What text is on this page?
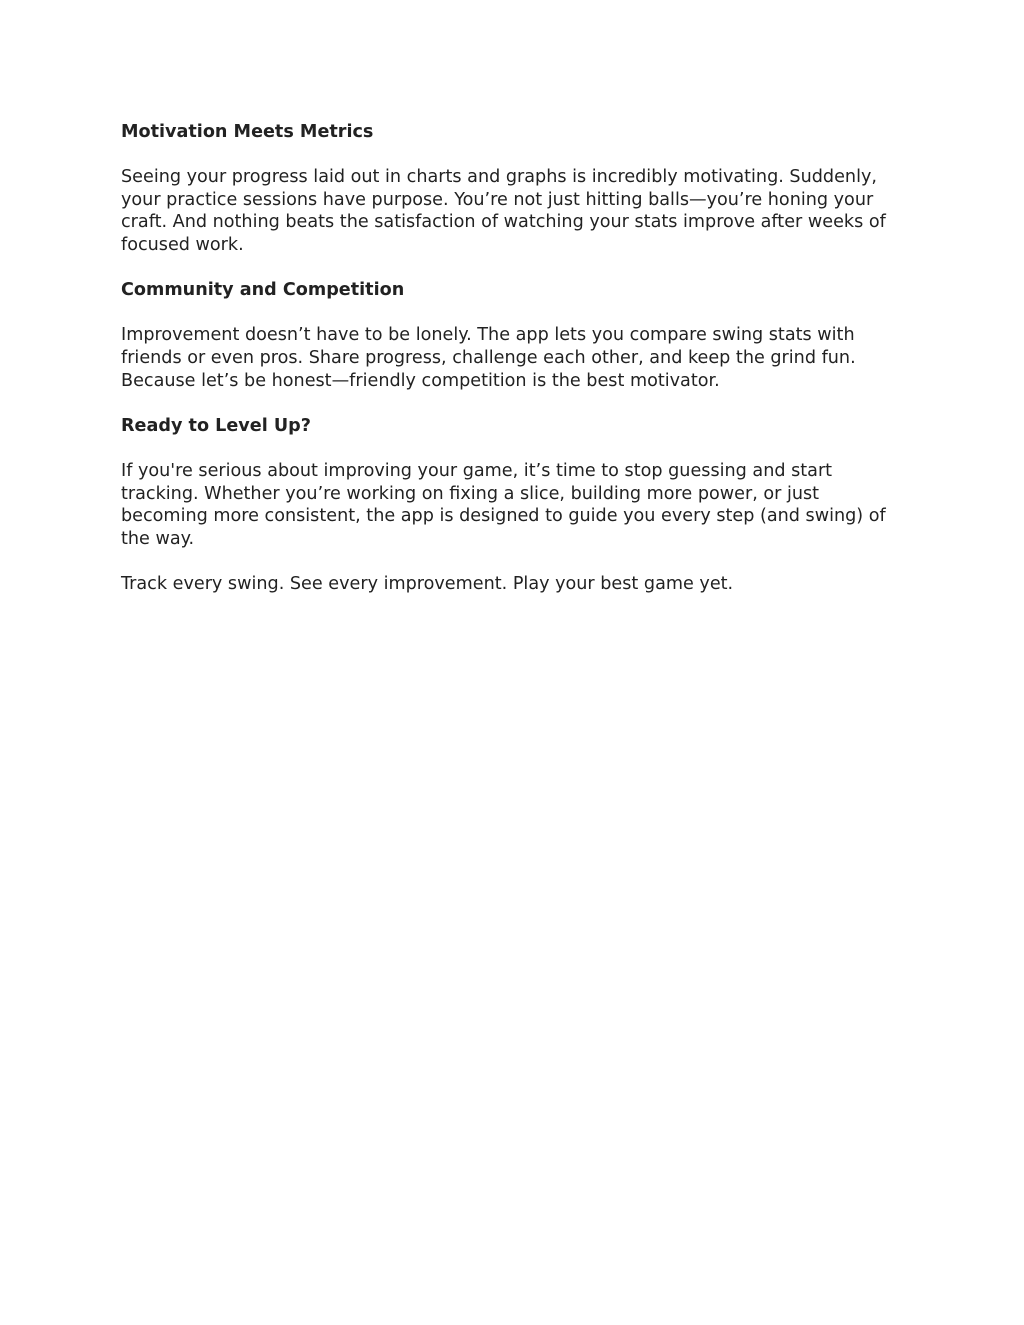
Motivation Meets Metrics

Seeing your progress laid out in charts and graphs is incredibly motivating. Suddenly, your practice sessions have purpose. You’re not just hitting balls—you’re honing your craft. And nothing beats the satisfaction of watching your stats improve after weeks of focused work.

Community and Competition

Improvement doesn’t have to be lonely. The app lets you compare swing stats with friends or even pros. Share progress, challenge each other, and keep the grind fun. Because let’s be honest—friendly competition is the best motivator.

Ready to Level Up?

If you're serious about improving your game, it’s time to stop guessing and start tracking. Whether you’re working on fixing a slice, building more power, or just becoming more consistent, the app is designed to guide you every step (and swing) of the way.

Track every swing. See every improvement. Play your best game yet.
